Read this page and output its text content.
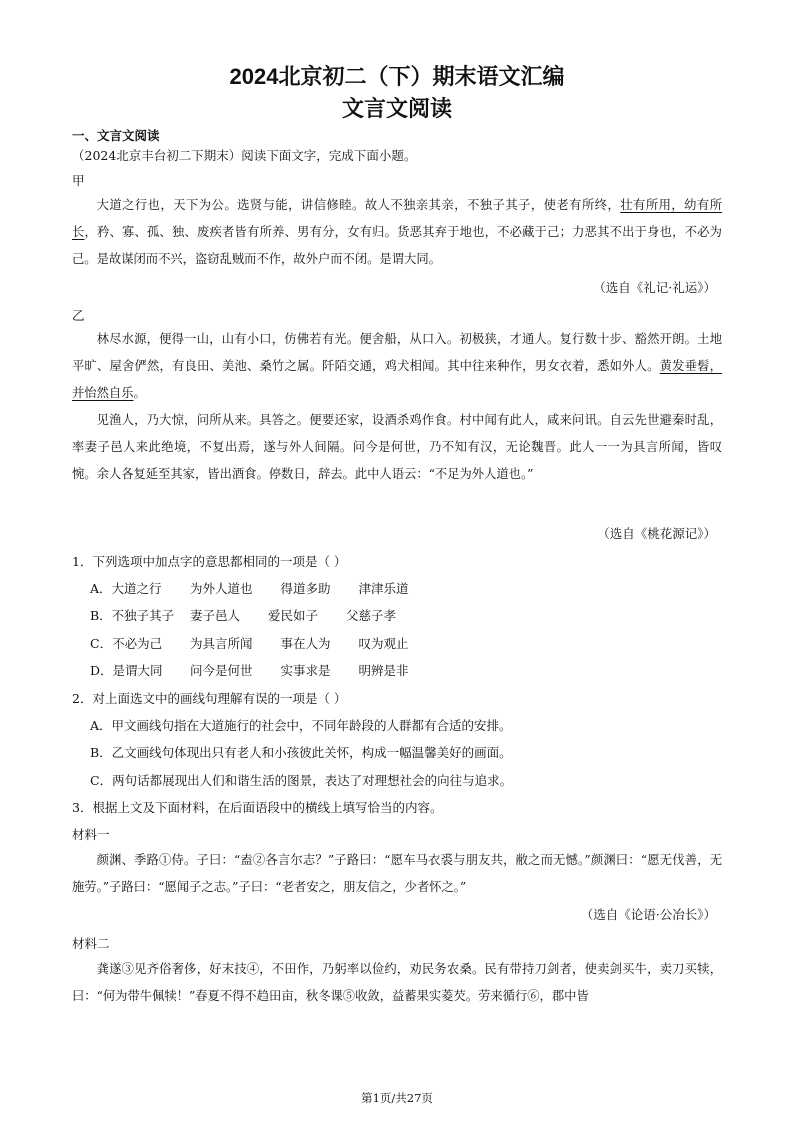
2024北京初二（下）期末语文汇编
文言文阅读
一、文言文阅读
（2024北京丰台初二下期末）阅读下面文字，完成下面小题。
甲
大道之行也，天下为公。选贤与能，讲信修睦。故人不独亲其亲，不独子其子，使老有所终，壮有所用，幼有所长，矜、寡、孤、独、废疾者皆有所养、男有分，女有归。货恶其弃于地也，不必藏于己；力恶其不出于身也，不必为己。是故谋闭而不兴，盗窃乱贼而不作，故外户而不闭。是谓大同。
（选自《礼记·礼运》）
乙

林尽水源，便得一山，山有小口，仿佛若有光。便舍船，从口入。初极狭，才通人。复行数十步、豁然开朗。土地平旷、屋舍俨然，有良田、美池、桑竹之属。阡陌交通，鸡犬相闻。其中往来种作，男女衣着，悉如外人。黄发垂髫，并怡然自乐。

见渔人，乃大惊，问所从来。具答之。便要还家，设酒杀鸡作食。村中闻有此人，咸来问讯。自云先世避秦时乱，率妻子邑人来此绝境，不复出焉，遂与外人间隔。问今是何世，乃不知有汉，无论魏晋。此人一一为具言所闻，皆叹惋。余人各复延至其家，皆出酒食。停数日，辞去。此中人语云：“不足为外人道也。”

（选自《桃花源记》）
1．下列选项中加点字的意思都相同的一项是（ ）
A．大道之行 为外人道也 得道多助 津津乐道
B．不独子其子 妻子邑人 爱民如子 父慈子孝
C．不必为己 为具言所闻 事在人为 叹为观止
D．是谓大同 问今是何世 实事求是 明辨是非
2．对上面选文中的画线句理解有误的一项是（ ）
A．甲文画线句指在大道施行的社会中，不同年龄段的人群都有合适的安排。
B．乙文画线句体现出只有老人和小孩彼此关怀，构成一幅温馨美好的画面。
C．两句话都展现出人们和谐生活的图景，表达了对理想社会的向往与追求。
3．根据上文及下面材料，在后面语段中的横线上填写恰当的内容。
材料一
颜渊、季路①侍。子曰：“盍②各言尔志？”子路曰：“愿车马衣裘与朋友共，敝之而无憾。”颜渊曰：“愿无伐善，无施劳。”子路曰：“愿闻子之志。”子曰：“老者安之，朋友信之，少者怀之。”
（选自《论语·公冶长》）
材料二
龚遂③见齐俗奢侈，好末技④，不田作，乃躬率以俭约，劝民务农桑。民有带持刀剑者，使卖剑买牛，卖刀买犊，曰：“何为带牛佩犊！”春夏不得不趋田亩，秋冬课⑤收敛，益蓄果实菱芡。劳来循行⑥，郡中皆
第1页/共27页
